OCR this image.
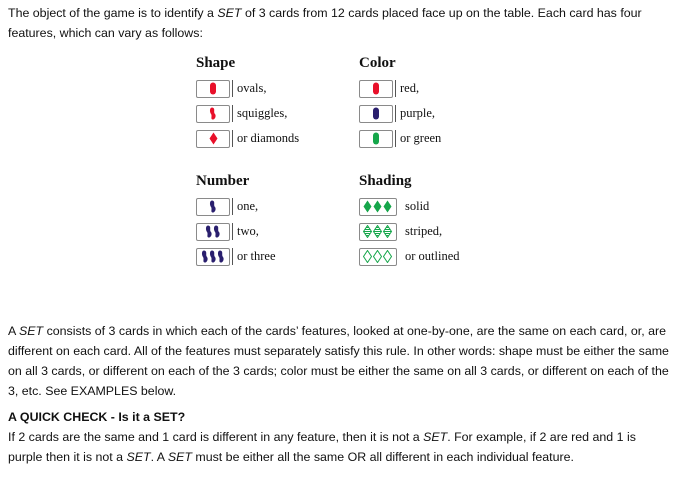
The object of the game is to identify a SET of 3 cards from 12 cards placed face up on the table. Each card has four features, which can vary as follows:

Shape
ovals,
squiggles,
or diamonds
Color
red,
purple,
or green
Number
one,
two,
or three
Shading
solid
striped,
or outlined

A SET consists of 3 cards in which each of the cards’ features, looked at one-by-one, are the same on each card, or, are different on each card. All of the features must separately satisfy this rule. In other words: shape must be either the same on all 3 cards, or different on each of the 3 cards; color must be either the same on all 3 cards, or different on each of the 3, etc. See EXAMPLES below.

A QUICK CHECK - Is it a SET?

If 2 cards are the same and 1 card is different in any feature, then it is not a SET. For example, if 2 are red and 1 is purple then it is not a SET. A SET must be either all the same OR all different in each individual feature.
